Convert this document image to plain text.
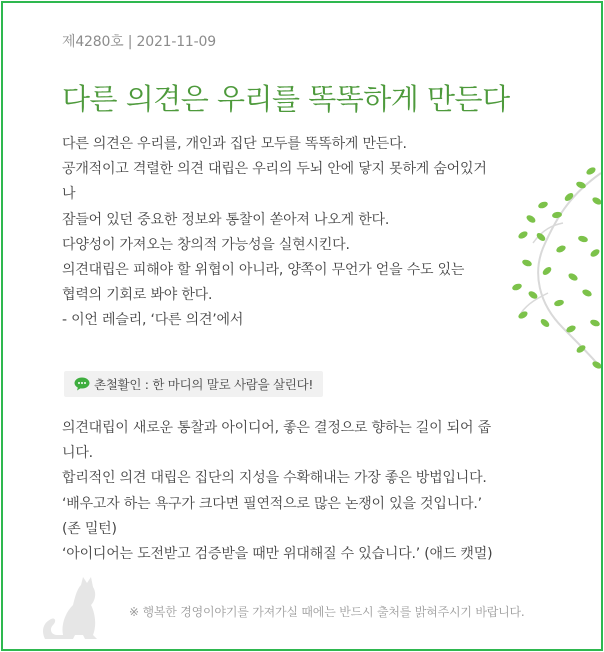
제4280호 | 2021-11-09
다른 의견은 우리를 똑똑하게 만든다
다른 의견은 우리를, 개인과 집단 모두를 똑똑하게 만든다.
공개적이고 격렬한 의견 대립은 우리의 두뇌 안에 닿지 못하게 숨어있거
나
잠들어 있던 중요한 정보와 통찰이 쏟아져 나오게 한다.
다양성이 가져오는 창의적 가능성을 실현시킨다.
의견대립은 피해야 할 위협이 아니라, 양쪽이 무언가 얻을 수도 있는
협력의 기회로 봐야 한다.
- 이언 레슬리, ‘다른 의견’에서
촌철활인 : 한 마디의 말로 사람을 살린다!
의견대립이 새로운 통찰과 아이디어, 좋은 결정으로 향하는 길이 되어 줍
니다.
합리적인 의견 대립은 집단의 지성을 수확해내는 가장 좋은 방법입니다.
‘배우고자 하는 욕구가 크다면 필연적으로 많은 논쟁이 있을 것입니다.’
(존 밀턴)
‘아이디어는 도전받고 검증받을 때만 위대해질 수 있습니다.’ (애드 캣멀)
※ 행복한 경영이야기를 가져가실 때에는 반드시 출처를 밝혀주시기 바랍니다.
